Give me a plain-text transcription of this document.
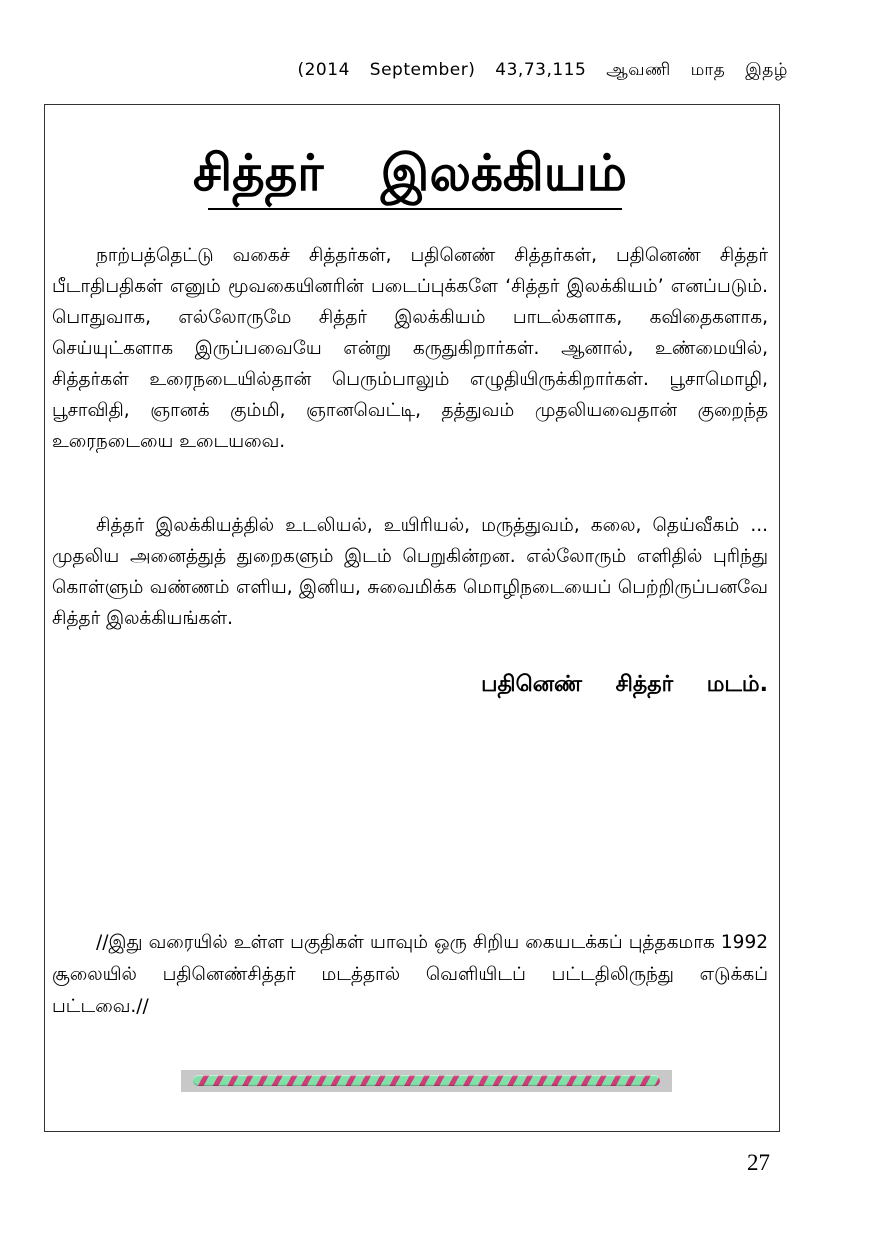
(2014 September) 43,73,115 ஆவணி மாத இதழ்
சித்தர் இலக்கியம்

நாற்பத்தெட்டு வகைச் சித்தர்கள், பதினெண் சித்தர்கள், பதினெண் சித்தர் பீடாதிபதிகள் எனும் மூவகையினரின் படைப்புக்களே ‘சித்தர் இலக்கியம்’ எனப்படும். பொதுவாக, எல்லோருமே சித்தர் இலக்கியம் பாடல்களாக, கவிதைகளாக, செய்யுட்களாக இருப்பவையே என்று கருதுகிறார்கள். ஆனால், உண்மையில், சித்தர்கள் உரைநடையில்தான் பெரும்பாலும் எழுதியிருக்கிறார்கள். பூசாமொழி, பூசாவிதி, ஞானக் கும்மி, ஞானவெட்டி, தத்துவம் முதலியவைதான் குறைந்த உரைநடையை உடையவை.

சித்தர் இலக்கியத்தில் உடலியல், உயிரியல், மருத்துவம், கலை, தெய்வீகம் ... முதலிய அனைத்துத் துறைகளும் இடம் பெறுகின்றன. எல்லோரும் எளிதில் புரிந்து கொள்ளும் வண்ணம் எளிய, இனிய, சுவைமிக்க மொழிநடையைப் பெற்றிருப்பனவே சித்தர் இலக்கியங்கள்.

பதினெண் சித்தர் மடம்.

//இது வரையில் உள்ள பகுதிகள் யாவும் ஒரு சிறிய கையடக்கப் புத்தகமாக 1992 சூலையில் பதினெண்சித்தர் மடத்தால் வெளியிடப் பட்டதிலிருந்து எடுக்கப் பட்டவை.//

27
